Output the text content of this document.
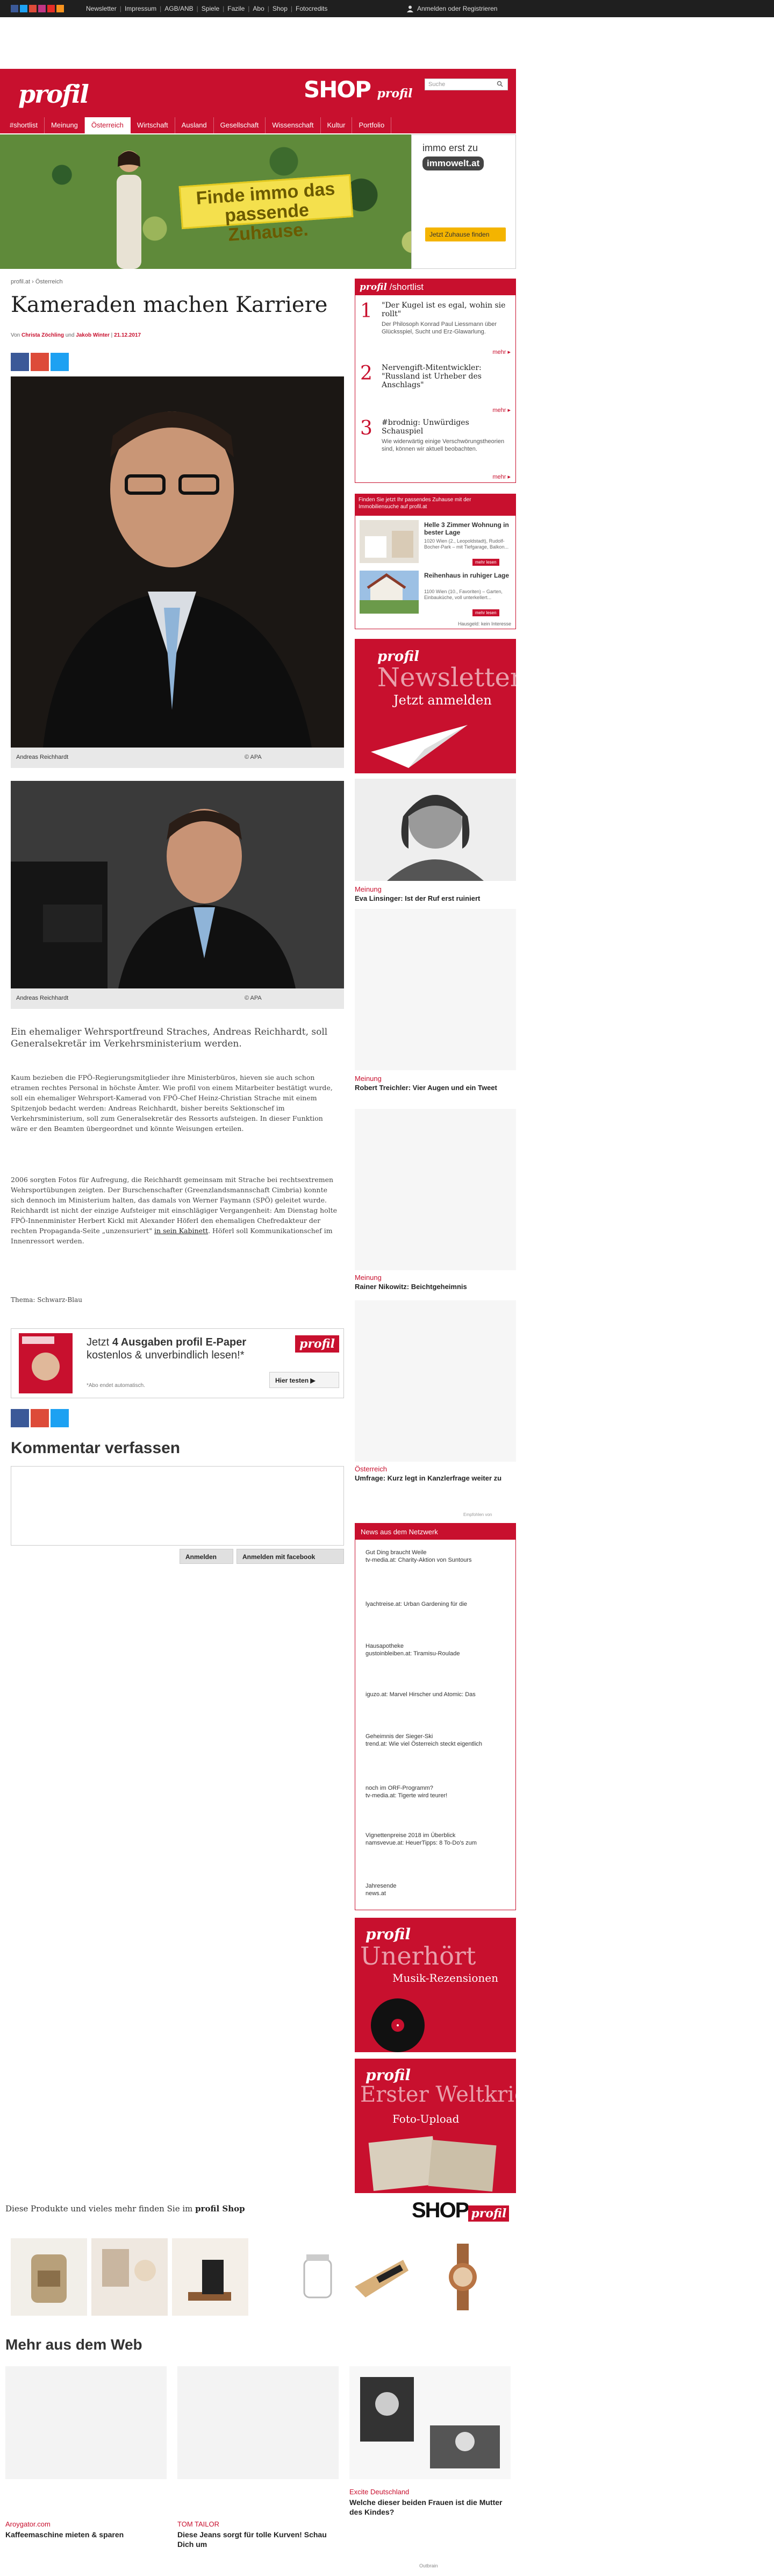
Newsletter | Impressum | AGB/ANB | Spiele | Fazile | Abo | Shop | Fotocredits	Anmelden oder Registrieren
profil	SHOP profil
Suche
#shortlist	Meinung	Österreich	Wirtschaft	Ausland	Gesellschaft	Wissenschaft	Kultur	Portfolio
Finde immo das passende Zuhause.
immo erst zu
immowelt.at
Jetzt Zuhause finden
profil.at › Österreich
Kameraden machen Karriere
Von Christa Zöchling und Jakob Winter | 21.12.2017
Andreas Reichhardt	© APA
Andreas Reichhardt	© APA
Ein ehemaliger Wehrsportfreund Straches, Andreas Reichhardt, soll Generalsekretär im Verkehrsministerium werden.
Kaum bezieben die FPÖ-Regierungsmitglieder ihre Ministerbüros, hieven sie auch schon etramen rechtes Personal in höchste Ämter. Wie profil von einem Mitarbeiter bestätigt wurde, soll ein ehemaliger Wehrsport-Kamerad von FPÖ-Chef Heinz-Christian Strache mit einem Spitzenjob bedacht werden: Andreas Reichhardt, bisher bereits Sektionschef im Verkehrsministerium, soll zum Generalsekretär des Ressorts aufsteigen. In dieser Funktion wäre er den Beamten übergeordnet und könnte Weisungen erteilen.
2006 sorgten Fotos für Aufregung, die Reichhardt gemeinsam mit Strache bei rechtsextremen Wehrsportübungen zeigten. Der Burschenschafter (Greenzlandsmannschaft Cimbria) konnte sich dennoch im Ministerium halten, das damals von Werner Faymann (SPÖ) geleitet wurde. Reichhardt ist nicht der einzige Aufsteiger mit einschlägiger Vergangenheit: Am Dienstag holte FPÖ-Innenminister Herbert Kickl mit Alexander Höferl den ehemaligen Chefredakteur der rechten Propaganda-Seite „unzensuriert" in sein Kabinett. Höferl soll Kommunikationschef im Innenressort werden.
Thema: Schwarz-Blau
Jetzt 4 Ausgaben profil E-Paper
kostenlos & unverbindlich lesen!*
*Abo endet automatisch.
profil
Hier testen ▶
Kommentar verfassen
Anmelden	Anmelden mit facebook
profil /shortlist
1 "Der Kugel ist es egal, wohin sie rollt"
Der Philosoph Konrad Paul Liessmann über Glücksspiel, Sucht und Erz-Glawarlung.
mehr ▸
2 Nervengift-Mitentwickler: "Russland ist Urheber des Anschlags"
mehr ▸
3 #brodnig: Unwürdiges Schauspiel
Wie widerwärtig einige Verschwörungstheorien sind, können wir aktuell beobachten.
mehr ▸
Finden Sie jetzt Ihr passendes Zuhause mit der Immobiliensuche auf profil.at
Helle 3 Zimmer Wohnung in bester Lage
1020 Wien (2., Leopoldstadt), Rudolf-Bocher-Park – mit Tiefgarage, Balkon...
mehr lesen
Reihenhaus in ruhiger Lage
1100 Wien (10., Favoriten) – Garten, Einbauküche, voll unterkellert...
mehr lesen
Hausgeld: kein Interesse
profil
Newsletter
Jetzt anmelden
Meinung
Eva Linsinger: Ist der Ruf erst ruiniert
Meinung
Robert Treichler: Vier Augen und ein Tweet
Meinung
Rainer Nikowitz: Beichtgeheimnis
Österreich
Umfrage: Kurz legt in Kanzlerfrage weiter zu
Empfohlen von
News aus dem Netzwerk
Gut Ding braucht Weile
tv-media.at: Charity-Aktion von Suntours
lyachtreise.at: Urban Gardening für die
Hausapotheke
gustoinbleiben.at: Tiramisu-Roulade
iguzo.at: Marvel Hirscher und Atomic: Das
Geheimnis der Sieger-Ski
trend.at: Wie viel Österreich steckt eigentlich
noch im ORF-Programm?
tv-media.at: Tigerte wird teurer!
Vignettenpreise 2018 im Überblick
namsvevue.at: HeuerTipps: 8 To-Do's zum
Jahresende
news.at
profil
Unerhört
Musik-Rezensionen
profil
Erster Weltkrieg
Foto-Upload
Diese Produkte und vieles mehr finden Sie im profil Shop	SHOP profil
Mehr aus dem Web
Aroygator.com
Kaffeemaschine mieten & sparen
TOM TAILOR
Diese Jeans sorgt für tolle Kurven! Schau Dich um
Excite Deutschland
Welche dieser beiden Frauen ist die Mutter des Kindes?
Outbrain
